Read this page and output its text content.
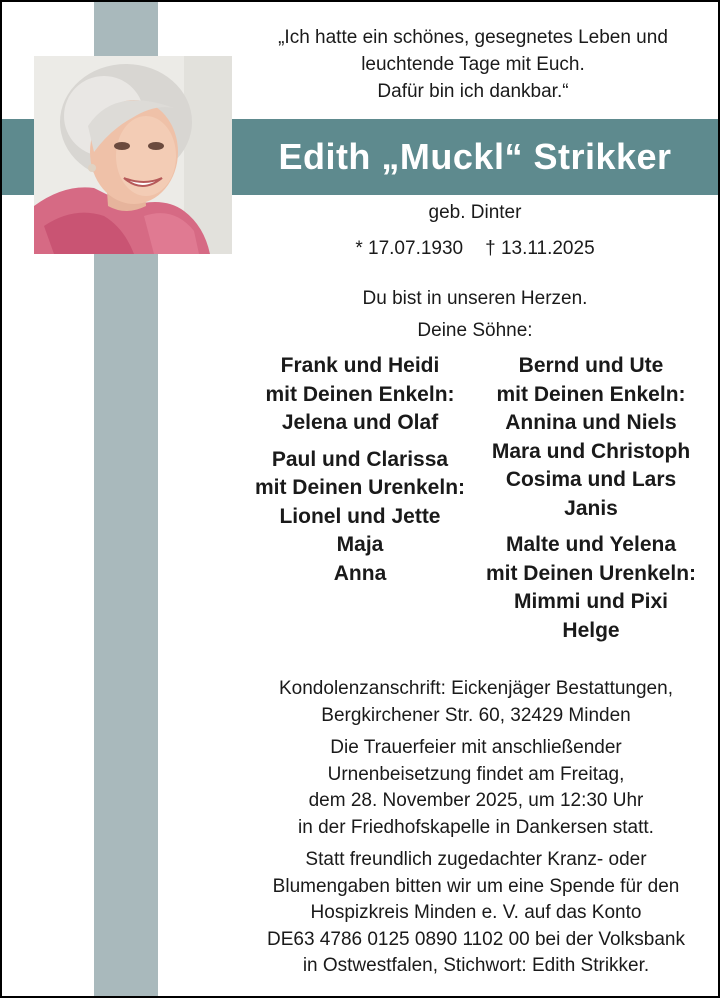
„Ich hatte ein schönes, gesegnetes Leben und
leuchtende Tage mit Euch.
Dafür bin ich dankbar.“
Edith „Muckl“ Strikker
geb. Dinter
* 17.07.1930 † 13.11.2025
Du bist in unseren Herzen.
Deine Söhne:
Frank und Heidi
mit Deinen Enkeln:
Jelena und Olaf
Paul und Clarissa
mit Deinen Urenkeln:
Lionel und Jette
Maja
Anna
Bernd und Ute
mit Deinen Enkeln:
Annina und Niels
Mara und Christoph
Cosima und Lars
Janis
Malte und Yelena
mit Deinen Urenkeln:
Mimmi und Pixi
Helge
Kondolenzanschrift: Eickenjäger Bestattungen,
Bergkirchener Str. 60, 32429 Minden
Die Trauerfeier mit anschließender
Urnenbeisetzung findet am Freitag,
dem 28. November 2025, um 12:30 Uhr
in der Friedhofskapelle in Dankersen statt.
Statt freundlich zugedachter Kranz- oder
Blumengaben bitten wir um eine Spende für den
Hospizkreis Minden e. V. auf das Konto
DE63 4786 0125 0890 1102 00 bei der Volksbank
in Ostwestfalen, Stichwort: Edith Strikker.
